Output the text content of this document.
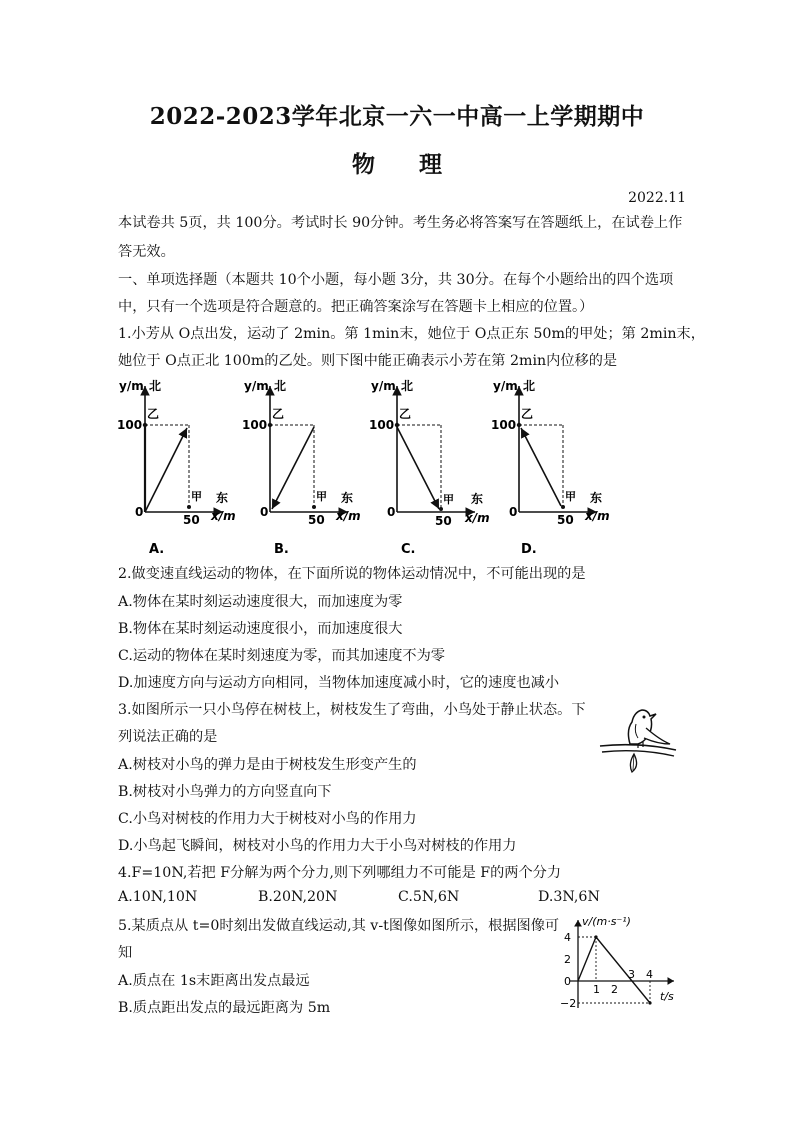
2022-2023学年北京一六一中高一上学期期中
物 理
2022.11
本试卷共 5页，共 100分。考试时长 90分钟。考生务必将答案写在答题纸上，在试卷上作
答无效。
一、单项选择题（本题共 10个小题，每小题 3分，共 30分。在每个小题给出的四个选项
中，只有一个选项是符合题意的。把正确答案涂写在答题卡上相应的位置。）
1.小芳从 O点出发，运动了 2min。第 1min末，她位于 O点正东 50m的甲处；第 2min末，
她位于 O点正北 100m的乙处。则下图中能正确表示小芳在第 2min内位移的是
y/m 北
乙
100
甲 东
0
50 x/m
A.
y/m 北
乙
100
甲 东
0
50 x/m
B.
y/m 北
乙
100
甲 东
0
50 x/m
C.
y/m 北
乙
100
甲 东
0
50 x/m
D.
2.做变速直线运动的物体，在下面所说的物体运动情况中，不可能出现的是
A.物体在某时刻运动速度很大，而加速度为零
B.物体在某时刻运动速度很小，而加速度很大
C.运动的物体在某时刻速度为零，而其加速度不为零
D.加速度方向与运动方向相同，当物体加速度减小时，它的速度也减小
3.如图所示一只小鸟停在树枝上，树枝发生了弯曲，小鸟处于静止状态。下
列说法正确的是
A.树枝对小鸟的弹力是由于树枝发生形变产生的
B.树枝对小鸟弹力的方向竖直向下
C.小鸟对树枝的作用力大于树枝对小鸟的作用力
D.小鸟起飞瞬间，树枝对小鸟的作用力大于小鸟对树枝的作用力
4.F=10N,若把 F分解为两个分力,则下列哪组力不可能是 F的两个分力
A.10N,10N	B.20N,20N	C.5N,6N	D.3N,6N
5.某质点从 t=0时刻出发做直线运动,其 v-t图像如图所示，根据图像可
知
A.质点在 1s末距离出发点最远
B.质点距出发点的最远距离为 5m
v/(m·s⁻¹)
t/s
4
2
0
−2
1 2
3 4
